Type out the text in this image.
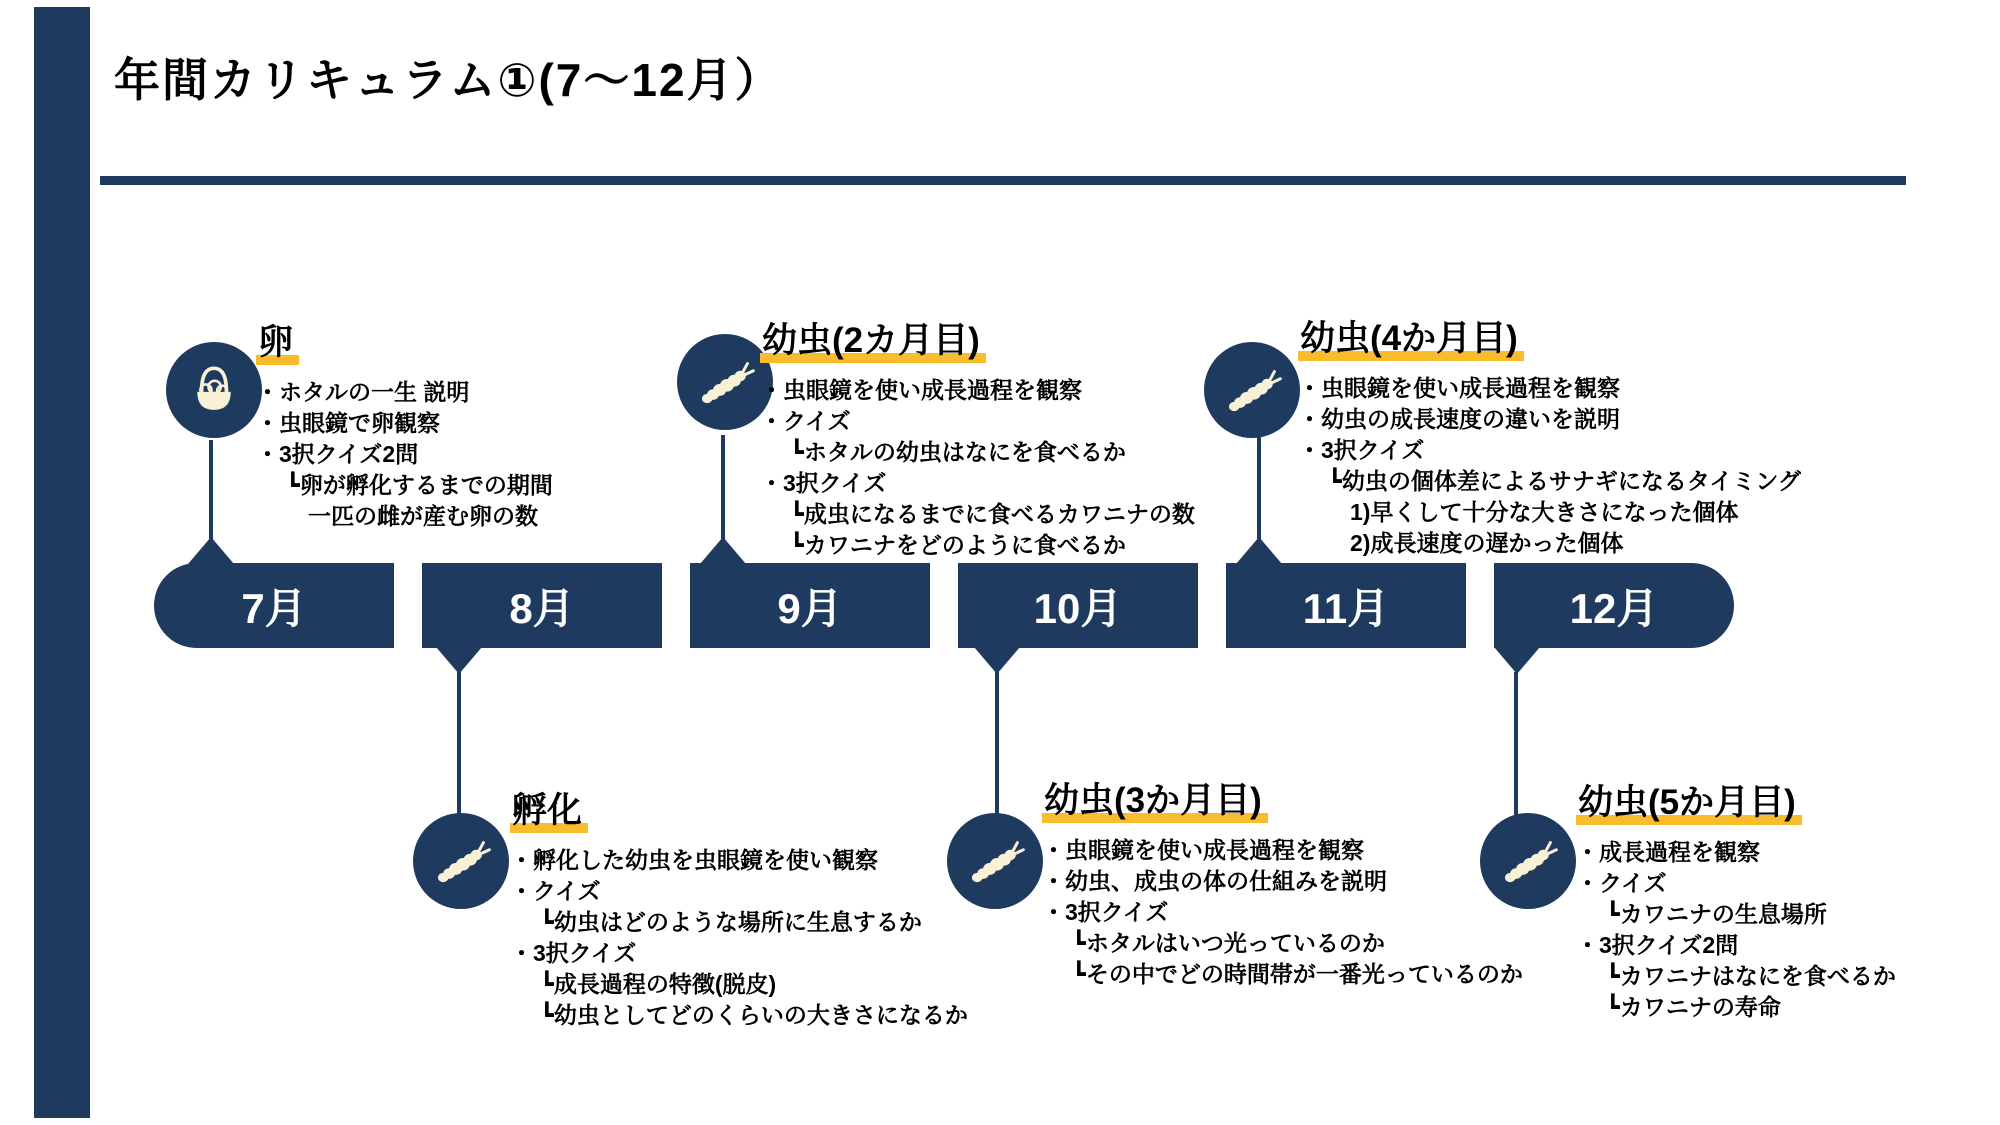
年間カリキュラム①(7〜12月）
7月	8月	9月	10月	11月	12月
卵
・ホタルの一生 説明
・虫眼鏡で卵観察
・3択クイズ2問
┗卵が孵化するまでの期間
一匹の雌が産む卵の数
孵化
・孵化した幼虫を虫眼鏡を使い観察
・クイズ
┗幼虫はどのような場所に生息するか
・3択クイズ
┗成長過程の特徴(脱皮)
┗幼虫としてどのくらいの大きさになるか
幼虫(2カ月目)
・虫眼鏡を使い成長過程を観察
・クイズ
┗ホタルの幼虫はなにを食べるか
・3択クイズ
┗成虫になるまでに食べるカワニナの数
┗カワニナをどのように食べるか
幼虫(3か月目)
・虫眼鏡を使い成長過程を観察
・幼虫、成虫の体の仕組みを説明
・3択クイズ
┗ホタルはいつ光っているのか
┗その中でどの時間帯が一番光っているのか
幼虫(4か月目)
・虫眼鏡を使い成長過程を観察
・幼虫の成長速度の違いを説明
・3択クイズ
┗幼虫の個体差によるサナギになるタイミング
1)早くして十分な大きさになった個体
2)成長速度の遅かった個体
幼虫(5か月目)
・成長過程を観察
・クイズ
┗カワニナの生息場所
・3択クイズ2問
┗カワニナはなにを食べるか
┗カワニナの寿命
